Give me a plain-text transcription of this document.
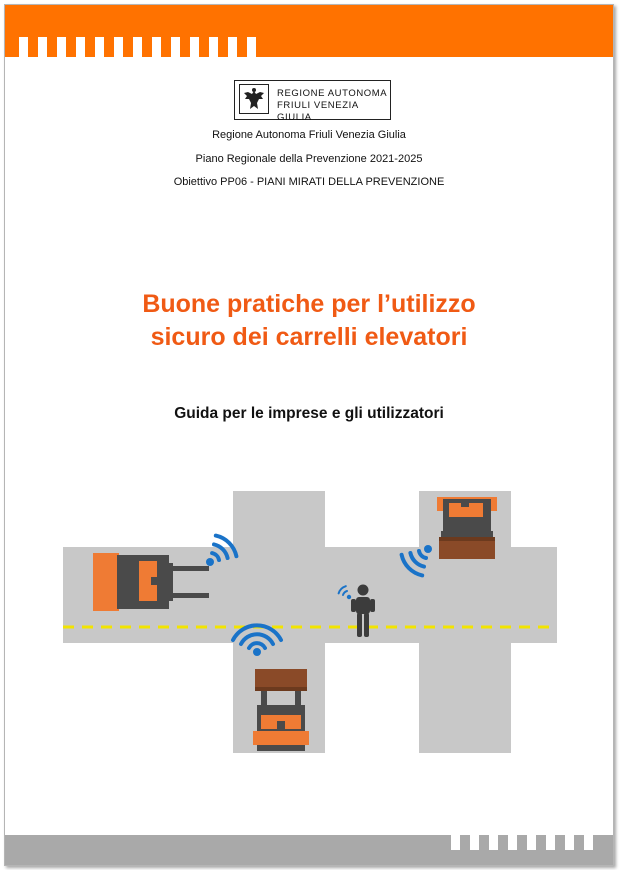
REGIONE AUTONOMA
FRIULI VENEZIA GIULIA
Regione Autonoma Friuli Venezia Giulia
Piano Regionale della Prevenzione 2021-2025
Obiettivo PP06 - PIANI MIRATI DELLA PREVENZIONE
Buone pratiche per l’utilizzo
sicuro dei carrelli elevatori
Guida per le imprese e gli utilizzatori
